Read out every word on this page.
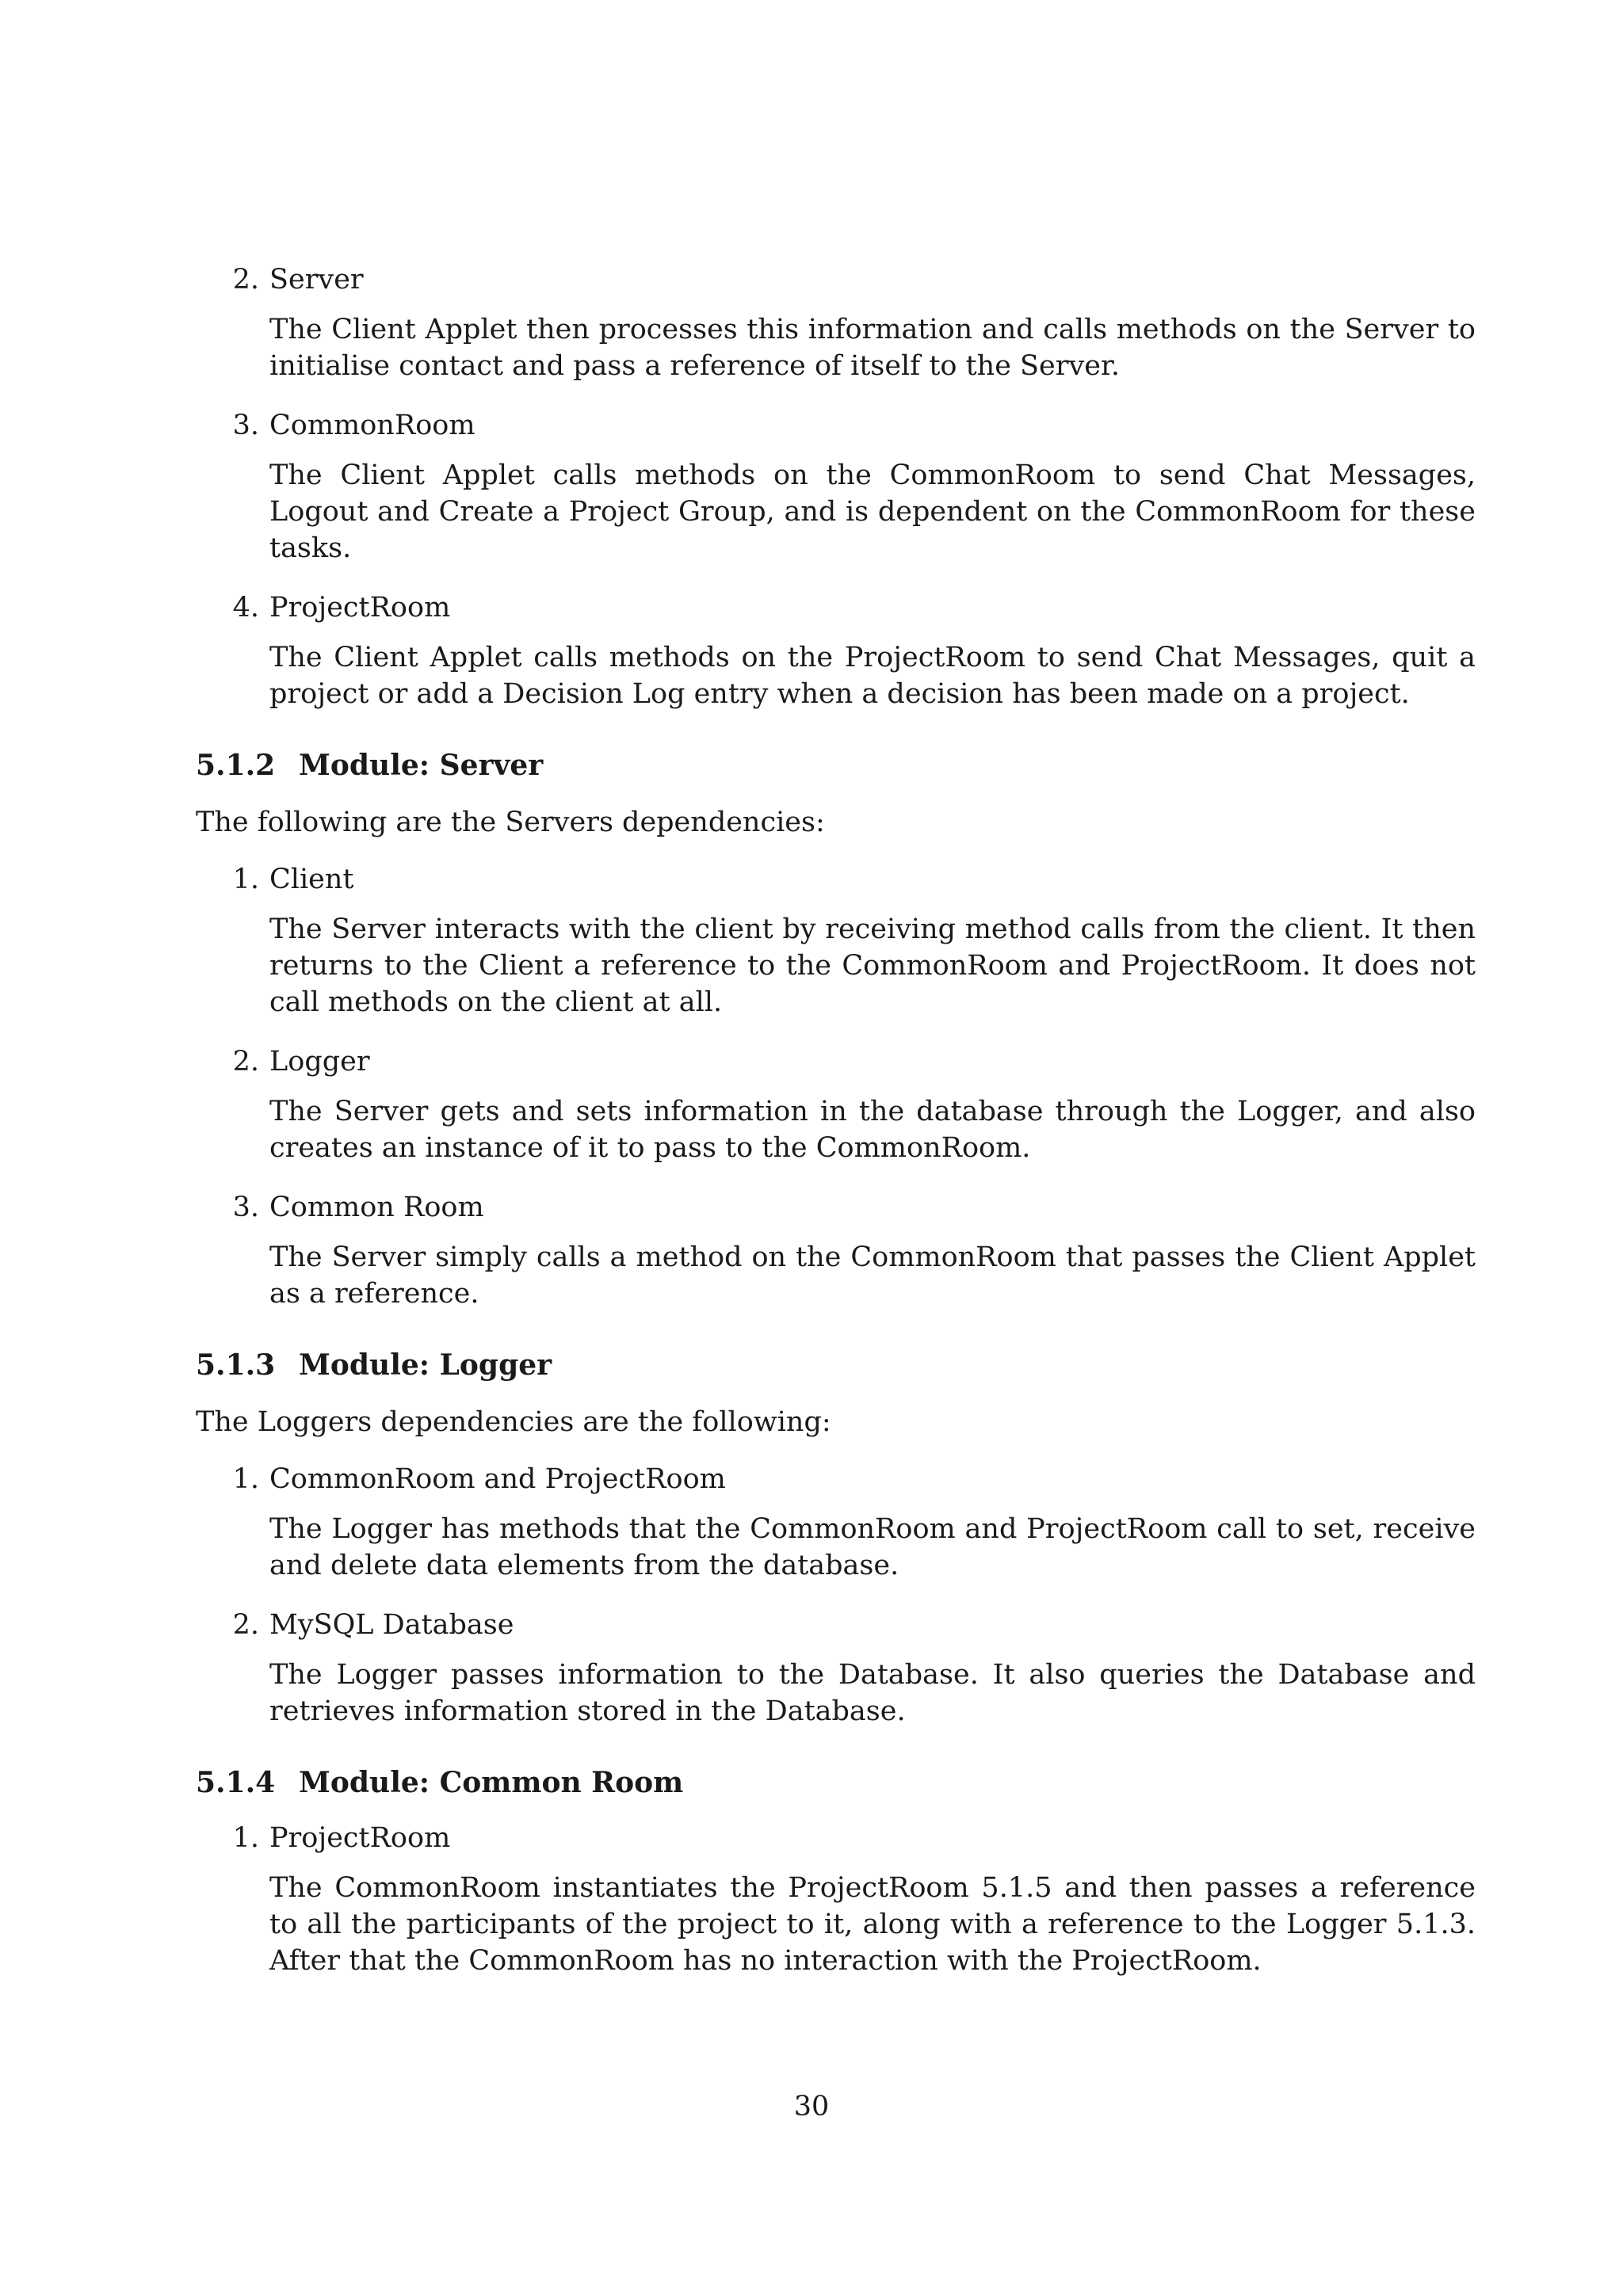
2. Server
The Client Applet then processes this information and calls methods on the Server to initialise contact and pass a reference of itself to the Server.
3. CommonRoom
The Client Applet calls methods on the CommonRoom to send Chat Messages, Logout and Create a Project Group, and is dependent on the CommonRoom for these tasks.
4. ProjectRoom
The Client Applet calls methods on the ProjectRoom to send Chat Messages, quit a project or add a Decision Log entry when a decision has been made on a project.
5.1.2 Module: Server
The following are the Servers dependencies:
1. Client
The Server interacts with the client by receiving method calls from the client. It then returns to the Client a reference to the CommonRoom and ProjectRoom. It does not call methods on the client at all.
2. Logger
The Server gets and sets information in the database through the Logger, and also creates an instance of it to pass to the CommonRoom.
3. Common Room
The Server simply calls a method on the CommonRoom that passes the Client Applet as a reference.
5.1.3 Module: Logger
The Loggers dependencies are the following:
1. CommonRoom and ProjectRoom
The Logger has methods that the CommonRoom and ProjectRoom call to set, receive and delete data elements from the database.
2. MySQL Database
The Logger passes information to the Database. It also queries the Database and retrieves information stored in the Database.
5.1.4 Module: Common Room
1. ProjectRoom
The CommonRoom instantiates the ProjectRoom 5.1.5 and then passes a reference to all the participants of the project to it, along with a reference to the Logger 5.1.3. After that the CommonRoom has no interaction with the ProjectRoom.
30
